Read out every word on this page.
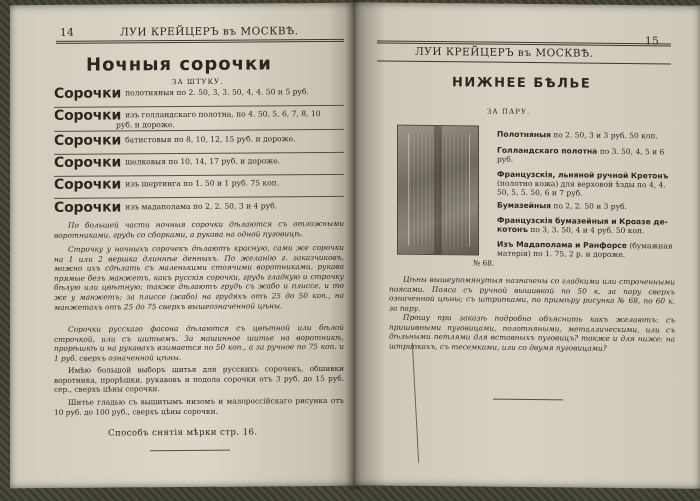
14	ЛУИ КРЕЙЦЕРЪ въ МОСКВѢ.
Ночныя сорочки
ЗА ШТУКУ.
Сорочки полотняныя по 2. 50, 3, 3. 50, 4, 4. 50 и 5 руб.
Сорочки изъ голландскаго полотна, по 4. 50, 5, 6, 7, 8, 10
руб. и дороже.
Сорочки батистовыя по 8, 10, 12, 15 руб. и дороже.
Сорочки шелковыя по 10, 14, 17 руб. и дороже.
Сорочки изъ шертинга по 1. 50 и 1 руб. 75 коп.
Сорочки изъ мадаполама по 2, 2. 50, 3 и 4 руб.
По большей части ночныя сорочки дѣлаются съ отложными воротниками, грудь со сборками, а рукава на одной пуговицѣ.
Строчку у ночныхъ сорочекъ дѣлаютъ красную, сами же сорочки на 1 или 2 вершка длиннѣе денныхъ. По желанію г. заказчиковъ, можно ихъ сдѣлать съ маленькими стоячими воротниками, рукава прямые безъ манжетъ, какъ русскія сорочки, грудь гладкую и строчку бѣлую или цвѣтную; также дѣлаютъ грудь съ жабо и плиссе, и то же у манжетъ; за плиссе (жабо) на грудяхъ отъ 25 до 50 коп., на манжетахъ отъ 25 до 75 сверхъ вышеозначенной цѣны.
Сорочки русскаго фасона дѣлаются съ цвѣтной или бѣлой строчкой, или съ шитьемъ. За машинное шитье на воротникѣ, прорѣшкѣ и на рукавахъ взимается по 50 коп., а за ручное по 75 коп. и 1 руб. сверхъ означенной цѣны.
Имѣю большой выборъ шитья для русскихъ сорочекъ, обшивки воротника, прорѣшки, рукавовъ и подола сорочки отъ 3 руб. до 15 руб. сер., сверхъ цѣны сорочки.
Шитье гладью съ вышитымъ низомъ и малороссійскаго рисунка отъ 10 руб. до 100 руб., сверхъ цѣны сорочки.
Способъ снятія мѣрки стр. 16.
ЛУИ КРЕЙЦЕРЪ въ МОСКВѢ.
15
НИЖНЕЕ БѢЛЬЕ
ЗА ПАРУ.
№ 68.
Полотняныя по 2. 50, 3 и 3 руб. 50 коп.
Голландскаго полотна по 3. 50, 4, 5 и 6 руб.
Французскія, льняной ручной Кретонъ (полотно кожа) для верховой ѣзды по 4, 4. 50, 5, 5. 50, 6 и 7 руб.
Бумазейныя по 2, 2. 50 и 3 руб.
Французскія бумазейныя и Кроазе де-котонъ по 3, 3. 50, 4 и 4 руб. 50 коп.
Изъ Мадаполама и Ранфорсе (бумажная матерія) по 1. 75, 2 р. и дороже.
Цѣны вышеупомянутыя назначены со гладкими или строченными поясами. Пояса съ ручной вышивкой по 50 к. за пару сверхъ означенной цѣны; съ штрипками, по примѣру рисунка № 68, по 60 к. за пару.
Прошу при заказѣ подробно объяснить какъ желаютъ: съ пришивными пуговицами, полотняными, металлическими, или съ дѣльными петлями для вставныхъ пуговицъ? также и для ниже: на штрипкахъ, съ тесемками, или со двумя пуговицами?
